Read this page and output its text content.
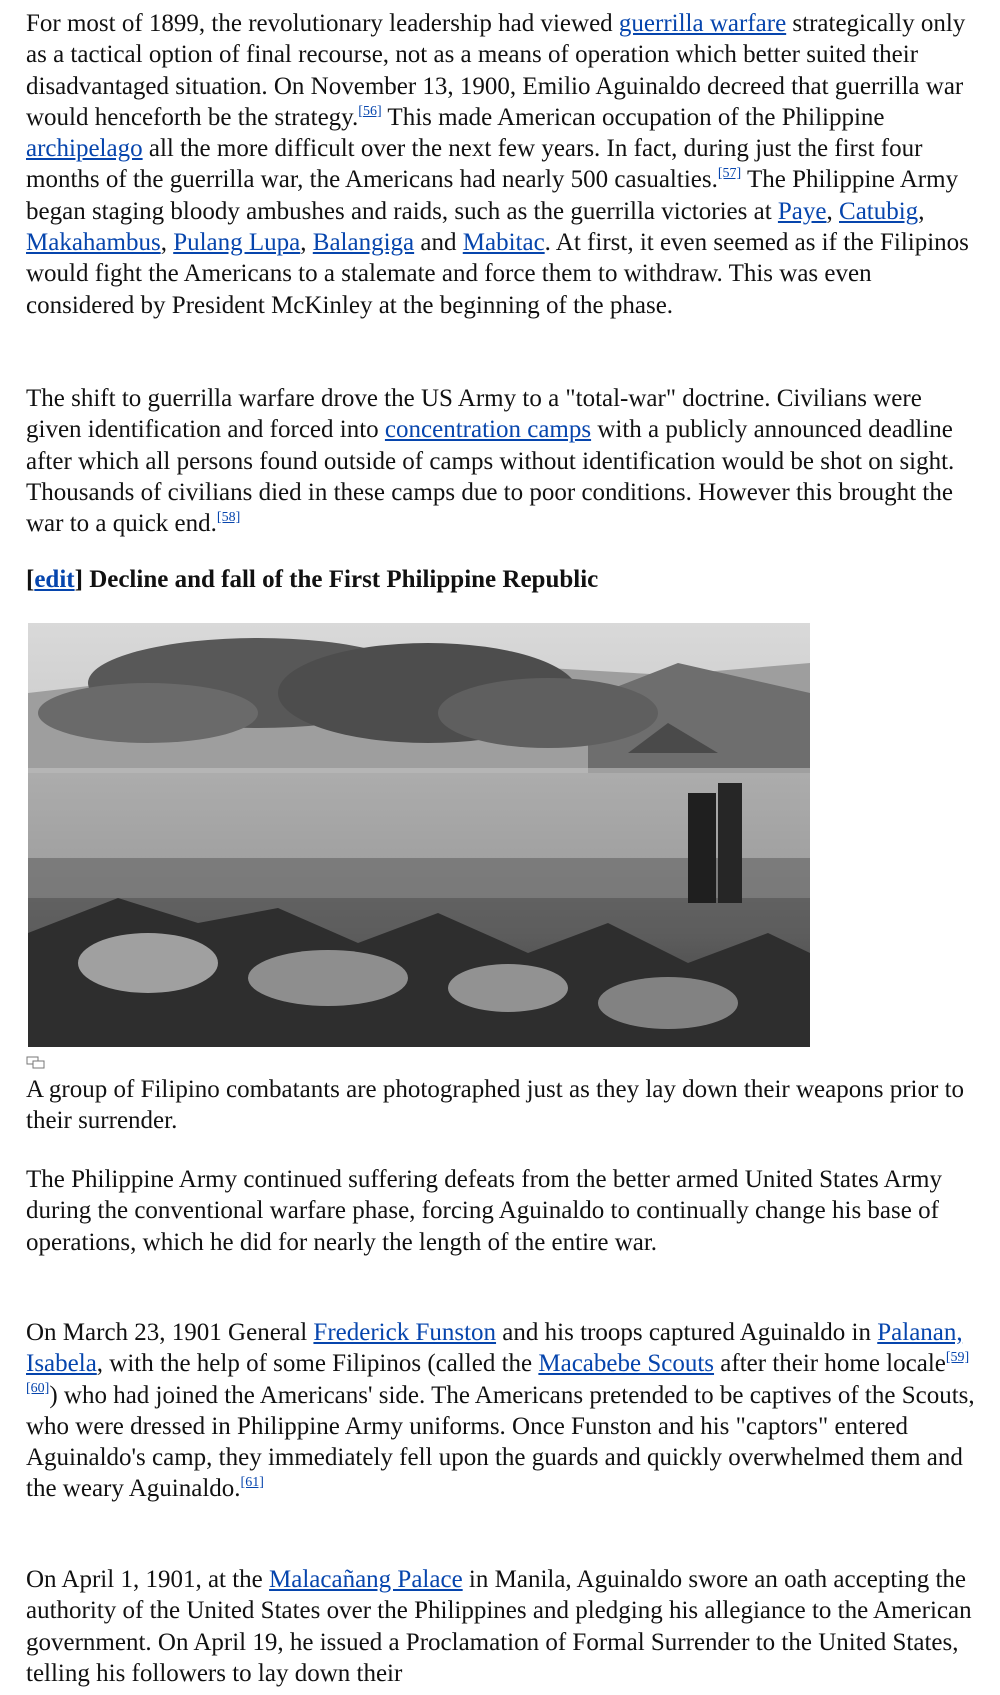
For most of 1899, the revolutionary leadership had viewed guerrilla warfare strategically only as a tactical option of final recourse, not as a means of operation which better suited their disadvantaged situation. On November 13, 1900, Emilio Aguinaldo decreed that guerrilla war would henceforth be the strategy.[56] This made American occupation of the Philippine archipelago all the more difficult over the next few years. In fact, during just the first four months of the guerrilla war, the Americans had nearly 500 casualties.[57] The Philippine Army began staging bloody ambushes and raids, such as the guerrilla victories at Paye, Catubig, Makahambus, Pulang Lupa, Balangiga and Mabitac. At first, it even seemed as if the Filipinos would fight the Americans to a stalemate and force them to withdraw. This was even considered by President McKinley at the beginning of the phase.

The shift to guerrilla warfare drove the US Army to a "total-war" doctrine. Civilians were given identification and forced into concentration camps with a publicly announced deadline after which all persons found outside of camps without identification would be shot on sight. Thousands of civilians died in these camps due to poor conditions. However this brought the war to a quick end.[58]

[edit] Decline and fall of the First Philippine Republic

A group of Filipino combatants are photographed just as they lay down their weapons prior to their surrender.

The Philippine Army continued suffering defeats from the better armed United States Army during the conventional warfare phase, forcing Aguinaldo to continually change his base of operations, which he did for nearly the length of the entire war.

On March 23, 1901 General Frederick Funston and his troops captured Aguinaldo in Palanan, Isabela, with the help of some Filipinos (called the Macabebe Scouts after their home locale[59][60]) who had joined the Americans' side. The Americans pretended to be captives of the Scouts, who were dressed in Philippine Army uniforms. Once Funston and his "captors" entered Aguinaldo's camp, they immediately fell upon the guards and quickly overwhelmed them and the weary Aguinaldo.[61]

On April 1, 1901, at the Malacañang Palace in Manila, Aguinaldo swore an oath accepting the authority of the United States over the Philippines and pledging his allegiance to the American government. On April 19, he issued a Proclamation of Formal Surrender to the United States, telling his followers to lay down their
